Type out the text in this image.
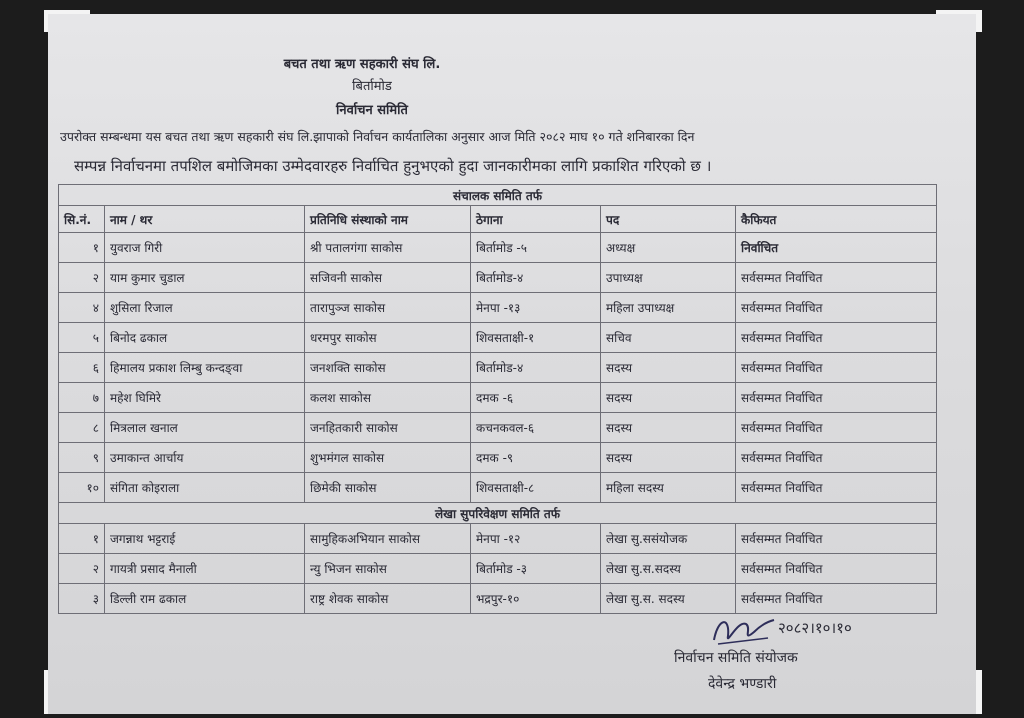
बचत तथा ऋण सहकारी संघ लि.
बिर्तामोड
निर्वाचन समिति
उपरोक्त सम्बन्धमा यस बचत तथा ऋण सहकारी संघ लि.झापाको निर्वाचन कार्यतालिका अनुसार आज मिति २०८२ माघ १० गते शनिबारका दिन
सम्पन्न निर्वाचनमा तपशिल बमोजिमका उम्मेदवारहरु निर्वाचित हुनुभएको हुदा जानकारीमका लागि प्रकाशित गरिएको छ ।
संचालक समिति तर्फ					
सि.नं.	नाम / थर	प्रतिनिधि संस्थाको नाम	ठेगाना	पद	कैफियत
१	युवराज गिरी	श्री पतालगंगा साकोस	बिर्तामोड -५	अध्यक्ष	निर्वाचित
२	याम कुमार चुडाल	सजिवनी साकोस	बिर्तामोड-४	उपाध्यक्ष	सर्वसम्मत निर्वाचित
४	शुसिला रिजाल	तारापुञ्ज साकोस	मेनपा -१३	महिला उपाध्यक्ष	सर्वसम्मत निर्वाचित
५	बिनोद ढकाल	धरमपुर साकोस	शिवसताक्षी-१	सचिव	सर्वसम्मत निर्वाचित
६	हिमालय प्रकाश लिम्बु कन्दङ्वा	जनशक्ति साकोस	बिर्तामोड-४	सदस्य	सर्वसम्मत निर्वाचित
७	महेश घिमिरे	कलश साकोस	दमक -६	सदस्य	सर्वसम्मत निर्वाचित
८	मित्रलाल खनाल	जनहितकारी साकोस	कचनकवल-६	सदस्य	सर्वसम्मत निर्वाचित
९	उमाकान्त आर्चाय	शुभमंगल साकोस	दमक -९	सदस्य	सर्वसम्मत निर्वाचित
१०	संगिता कोइराला	छिमेकी साकोस	शिवसताक्षी-८	महिला सदस्य	सर्वसम्मत निर्वाचित
लेखा सुपरिवेक्षण समिति तर्फ					
१	जगन्नाथ भट्टराई	सामुहिकअभियान साकोस	मेनपा -१२	लेखा सु.ससंयोजक	सर्वसम्मत निर्वाचित
२	गायत्री प्रसाद मैनाली	न्यु भिजन साकोस	बिर्तामोड -३	लेखा सु.स.सदस्य	सर्वसम्मत निर्वाचित
३	डिल्ली राम ढकाल	राष्ट्र शेवक साकोस	भद्रपुर-१०	लेखा सु.स. सदस्य	सर्वसम्मत निर्वाचित
२०८२।१०।१०
निर्वाचन समिति संयोजक
देवेन्द्र भण्डारी
